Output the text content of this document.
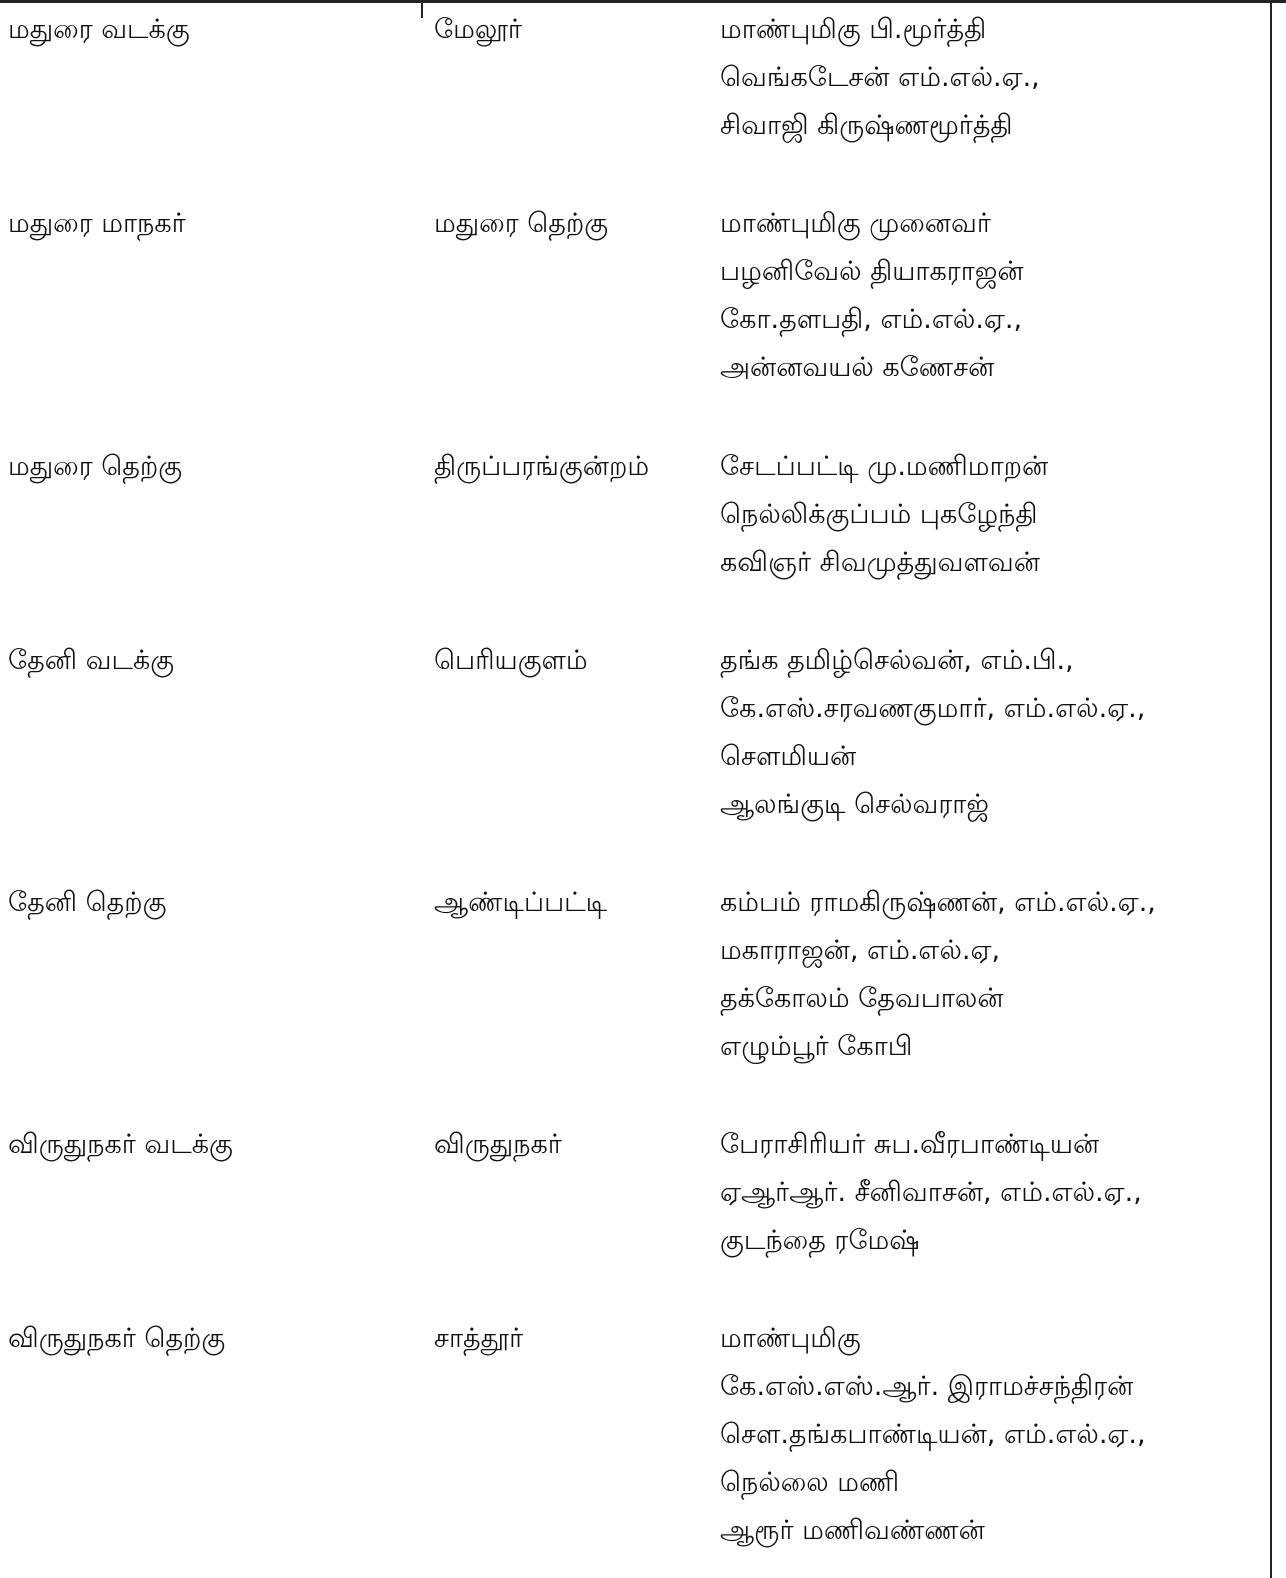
மதுரை வடக்கு	மேலூர்	மாண்புமிகு பி.மூர்த்தி
வெங்கடேசன் எம்.எல்.ஏ.,
சிவாஜி கிருஷ்ணமூர்த்தி
மதுரை மாநகர்	மதுரை தெற்கு	மாண்புமிகு முனைவர்
பழனிவேல் தியாகராஜன்
கோ.தளபதி, எம்.எல்.ஏ.,
அன்னவயல் கணேசன்
மதுரை தெற்கு	திருப்பரங்குன்றம்	சேடப்பட்டி மு.மணிமாறன்
நெல்லிக்குப்பம் புகழேந்தி
கவிஞர் சிவமுத்துவளவன்
தேனி வடக்கு	பெரியகுளம்	தங்க தமிழ்செல்வன், எம்.பி.,
கே.எஸ்.சரவணகுமார், எம்.எல்.ஏ.,
சௌமியன்
ஆலங்குடி செல்வராஜ்
தேனி தெற்கு	ஆண்டிப்பட்டி	கம்பம் ராமகிருஷ்ணன், எம்.எல்.ஏ.,
மகாராஜன், எம்.எல்.ஏ,
தக்கோலம் தேவபாலன்
எழும்பூர் கோபி
விருதுநகர் வடக்கு	விருதுநகர்	பேராசிரியர் சுப.வீரபாண்டியன்
ஏஆர்ஆர். சீனிவாசன், எம்.எல்.ஏ.,
குடந்தை ரமேஷ்
விருதுநகர் தெற்கு	சாத்தூர்	மாண்புமிகு
கே.எஸ்.எஸ்.ஆர். இராமச்சந்திரன்
சௌ.தங்கபாண்டியன், எம்.எல்.ஏ.,
நெல்லை மணி
ஆரூர் மணிவண்ணன்
